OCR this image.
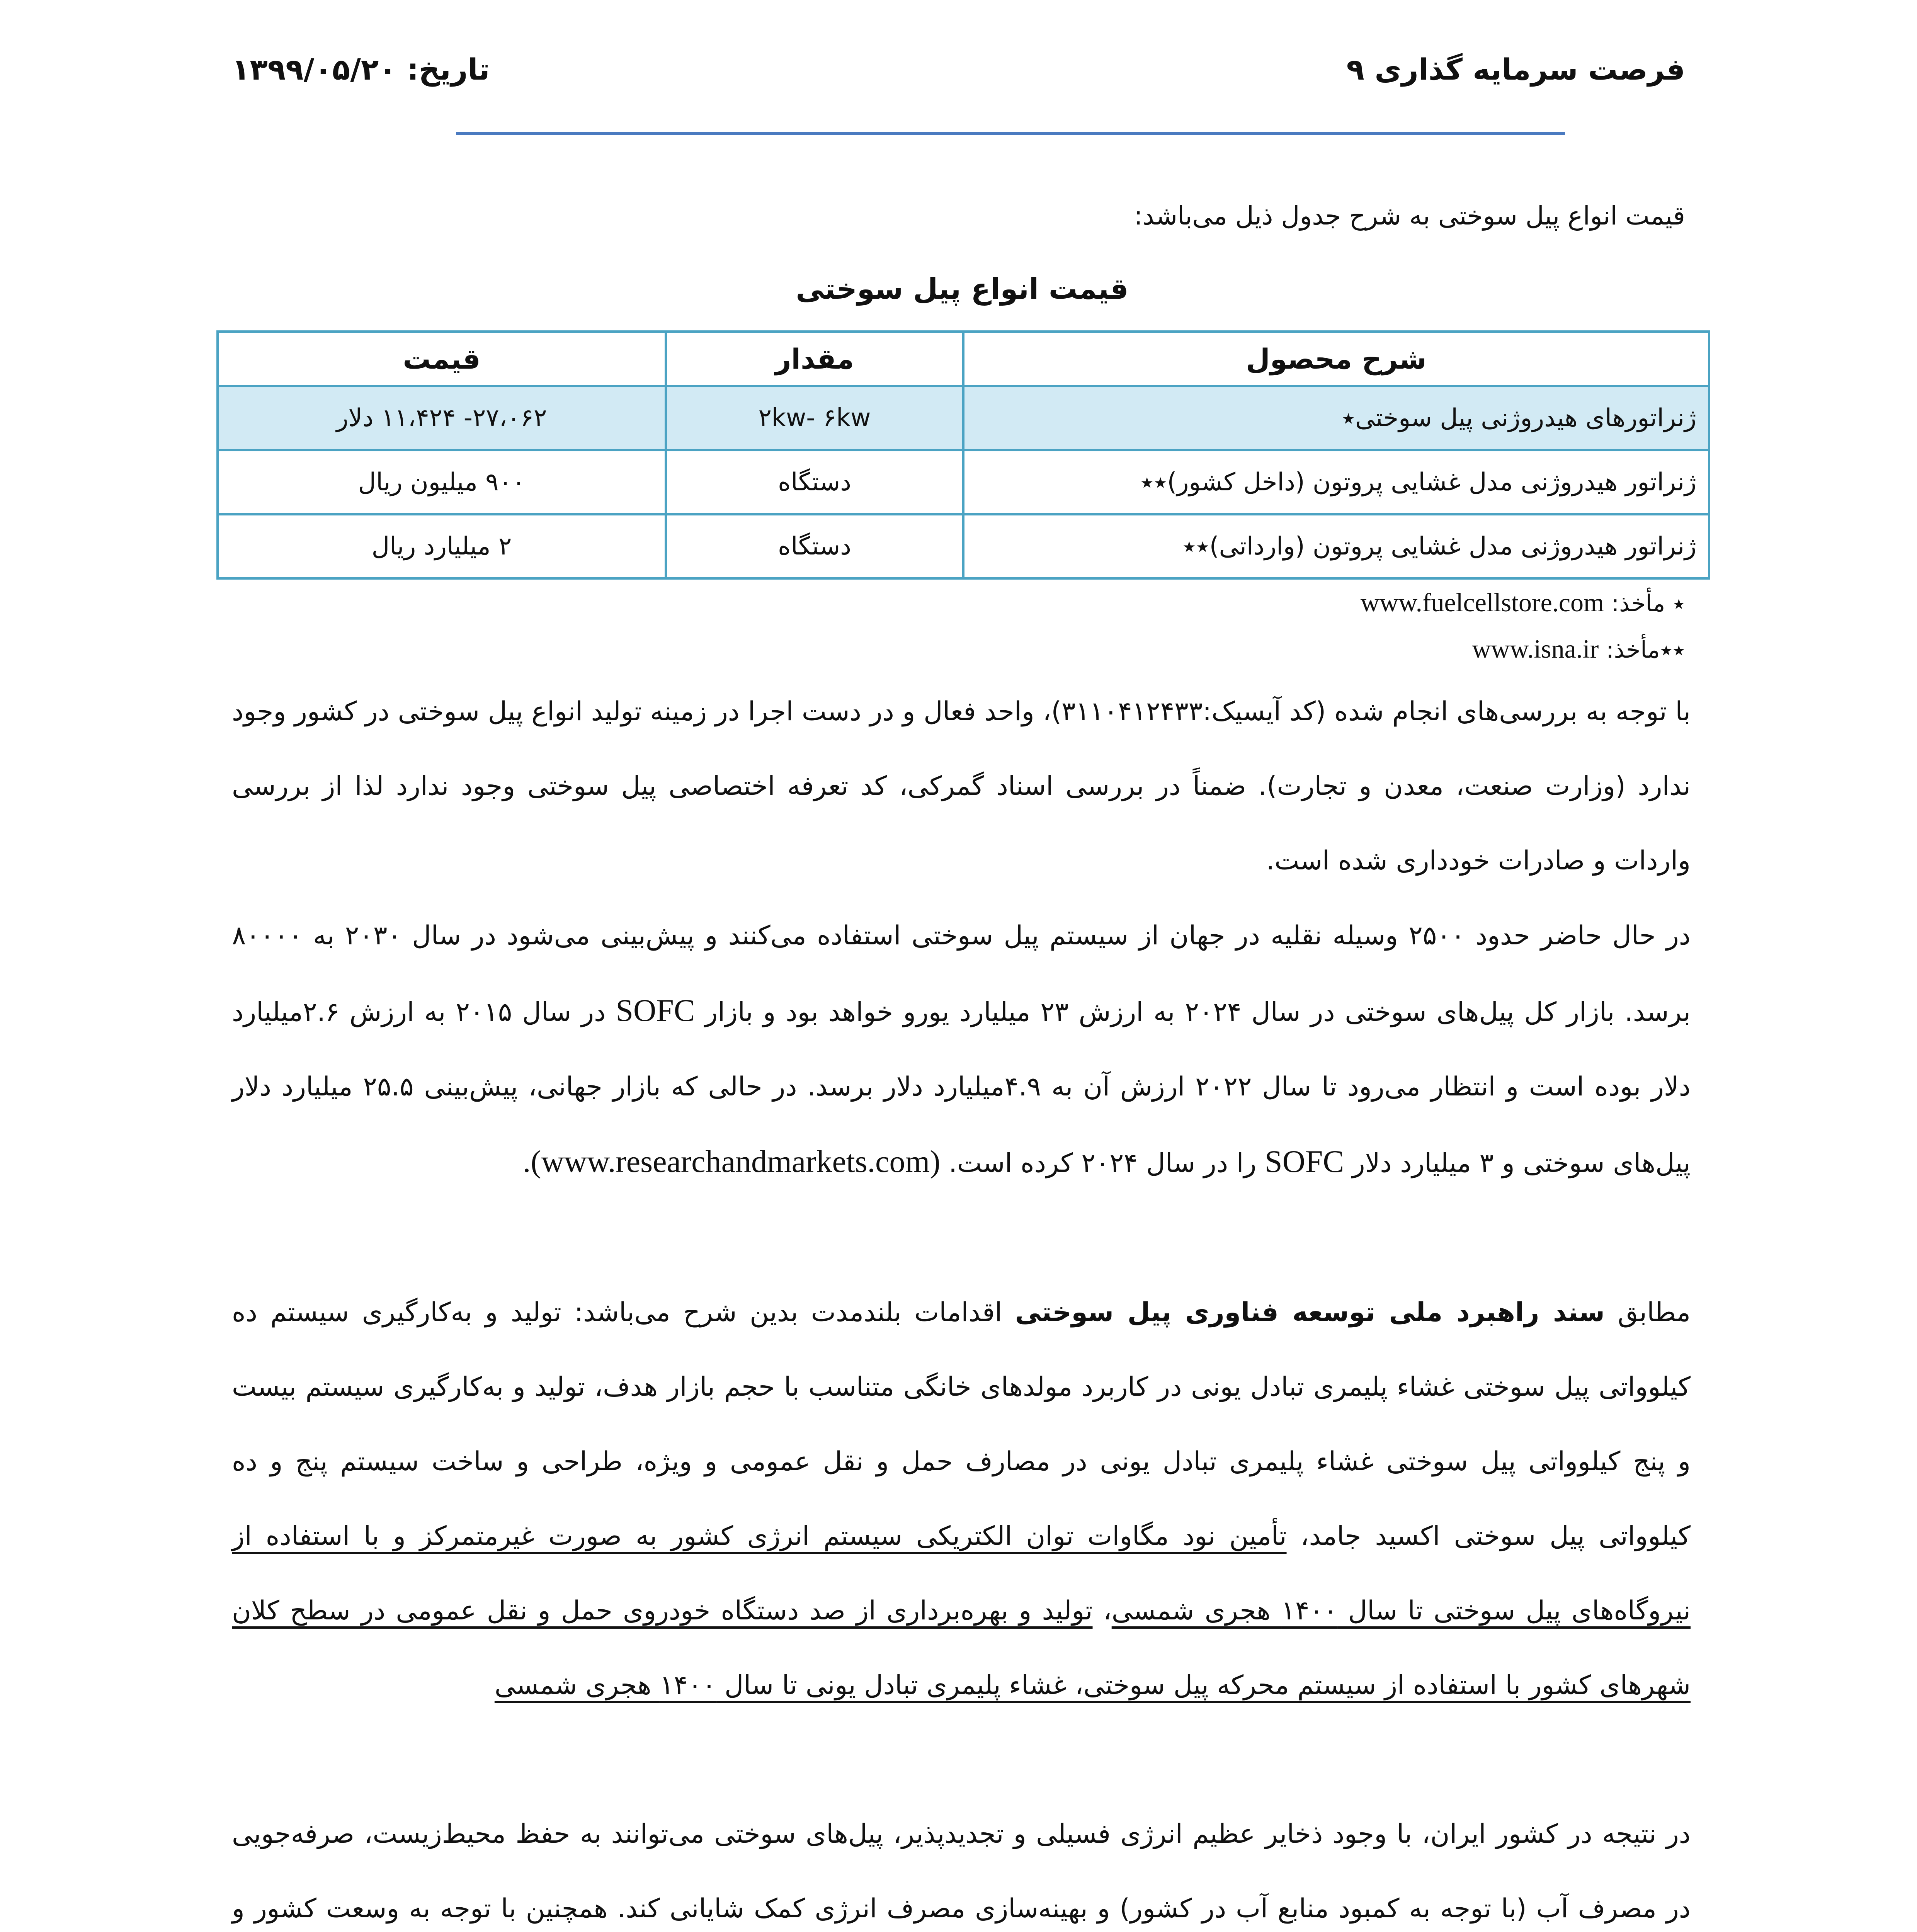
فرصت سرمایه گذاری ۹
تاریخ: ۱۳۹۹/۰۵/۲۰
قیمت انواع پیل سوختی به شرح جدول ذیل می‌باشد:
قیمت انواع پیل سوختی
شرح محصول	مقدار	قیمت
ژنراتورهای هیدروژنی پیل سوختی٭	۲kw- ۶kw	۲۷،۰۶۲- ۱۱،۴۲۴ دلار
ژنراتور هیدروژنی مدل غشایی پروتون (داخل کشور)٭٭	دستگاه	۹۰۰ میلیون ریال
ژنراتور هیدروژنی مدل غشایی پروتون (وارداتی)٭٭	دستگاه	۲ میلیارد ریال
٭ مأخذ: www.fuelcellstore.com
٭٭مأخذ: www.isna.ir

با توجه به بررسی‌های انجام شده (کد آیسیک:۳۱۱۰۴۱۲۴۳۳)، واحد فعال و در دست اجرا در زمینه تولید انواع پیل سوختی در کشور وجود ندارد (وزارت صنعت، معدن و تجارت). ضمناً در بررسی اسناد گمرکی، کد تعرفه اختصاصی پیل سوختی وجود ندارد لذا از بررسی واردات و صادرات خودداری شده است.

در حال حاضر حدود ۲۵۰۰ وسیله نقلیه در جهان از سیستم پیل سوختی استفاده می‌کنند و پیش‌بینی می‌شود در سال ۲۰۳۰ به ۸۰۰۰۰ برسد. بازار کل پیل‌های سوختی در سال ۲۰۲۴ به ارزش ۲۳ میلیارد یورو خواهد بود و بازار SOFC در سال ۲۰۱۵ به ارزش ۲.۶میلیارد دلار بوده است و انتظار می‌رود تا سال ۲۰۲۲ ارزش آن به ۴.۹میلیارد دلار برسد. در حالی که بازار جهانی، پیش‌بینی ۲۵.۵ میلیارد دلار پیل‌های سوختی و ۳ میلیارد دلار SOFC را در سال ۲۰۲۴ کرده است. (www.researchandmarkets.com).

مطابق سند راهبرد ملی توسعه فناوری پیل سوختی اقدامات بلندمدت بدین شرح می‌باشد: تولید و به‌کارگیری سیستم ده کیلوواتی پیل سوختی غشاء پلیمری تبادل یونی در کاربرد مولدهای خانگی متناسب با حجم بازار هدف، تولید و به‌کارگیری سیستم بیست و پنج کیلوواتی پیل سوختی غشاء پلیمری تبادل یونی در مصارف حمل و نقل عمومی و ویژه، طراحی و ساخت سیستم پنج و ده کیلوواتی پیل سوختی اکسید جامد، تأمین نود مگاوات توان الکتریکی سیستم انرژی کشور به صورت غیرمتمرکز و با استفاده از نیروگاه‌های پیل سوختی تا سال ۱۴۰۰ هجری شمسی، تولید و بهره‌برداری از صد دستگاه خودروی حمل و نقل عمومی در سطح کلان شهرهای کشور با استفاده از سیستم محرکه پیل سوختی، غشاء پلیمری تبادل یونی تا سال ۱۴۰۰ هجری شمسی

در نتیجه در کشور ایران، با وجود ذخایر عظیم انرژی فسیلی و تجدیدپذیر، پیل‌های سوختی می‌توانند به حفظ محیط‌زیست، صرفه‌جویی در مصرف آب (با توجه به کمبود منابع آب در کشور) و بهینه‌سازی مصرف انرژی کمک شایانی کند. همچنین با توجه به وسعت کشور و
